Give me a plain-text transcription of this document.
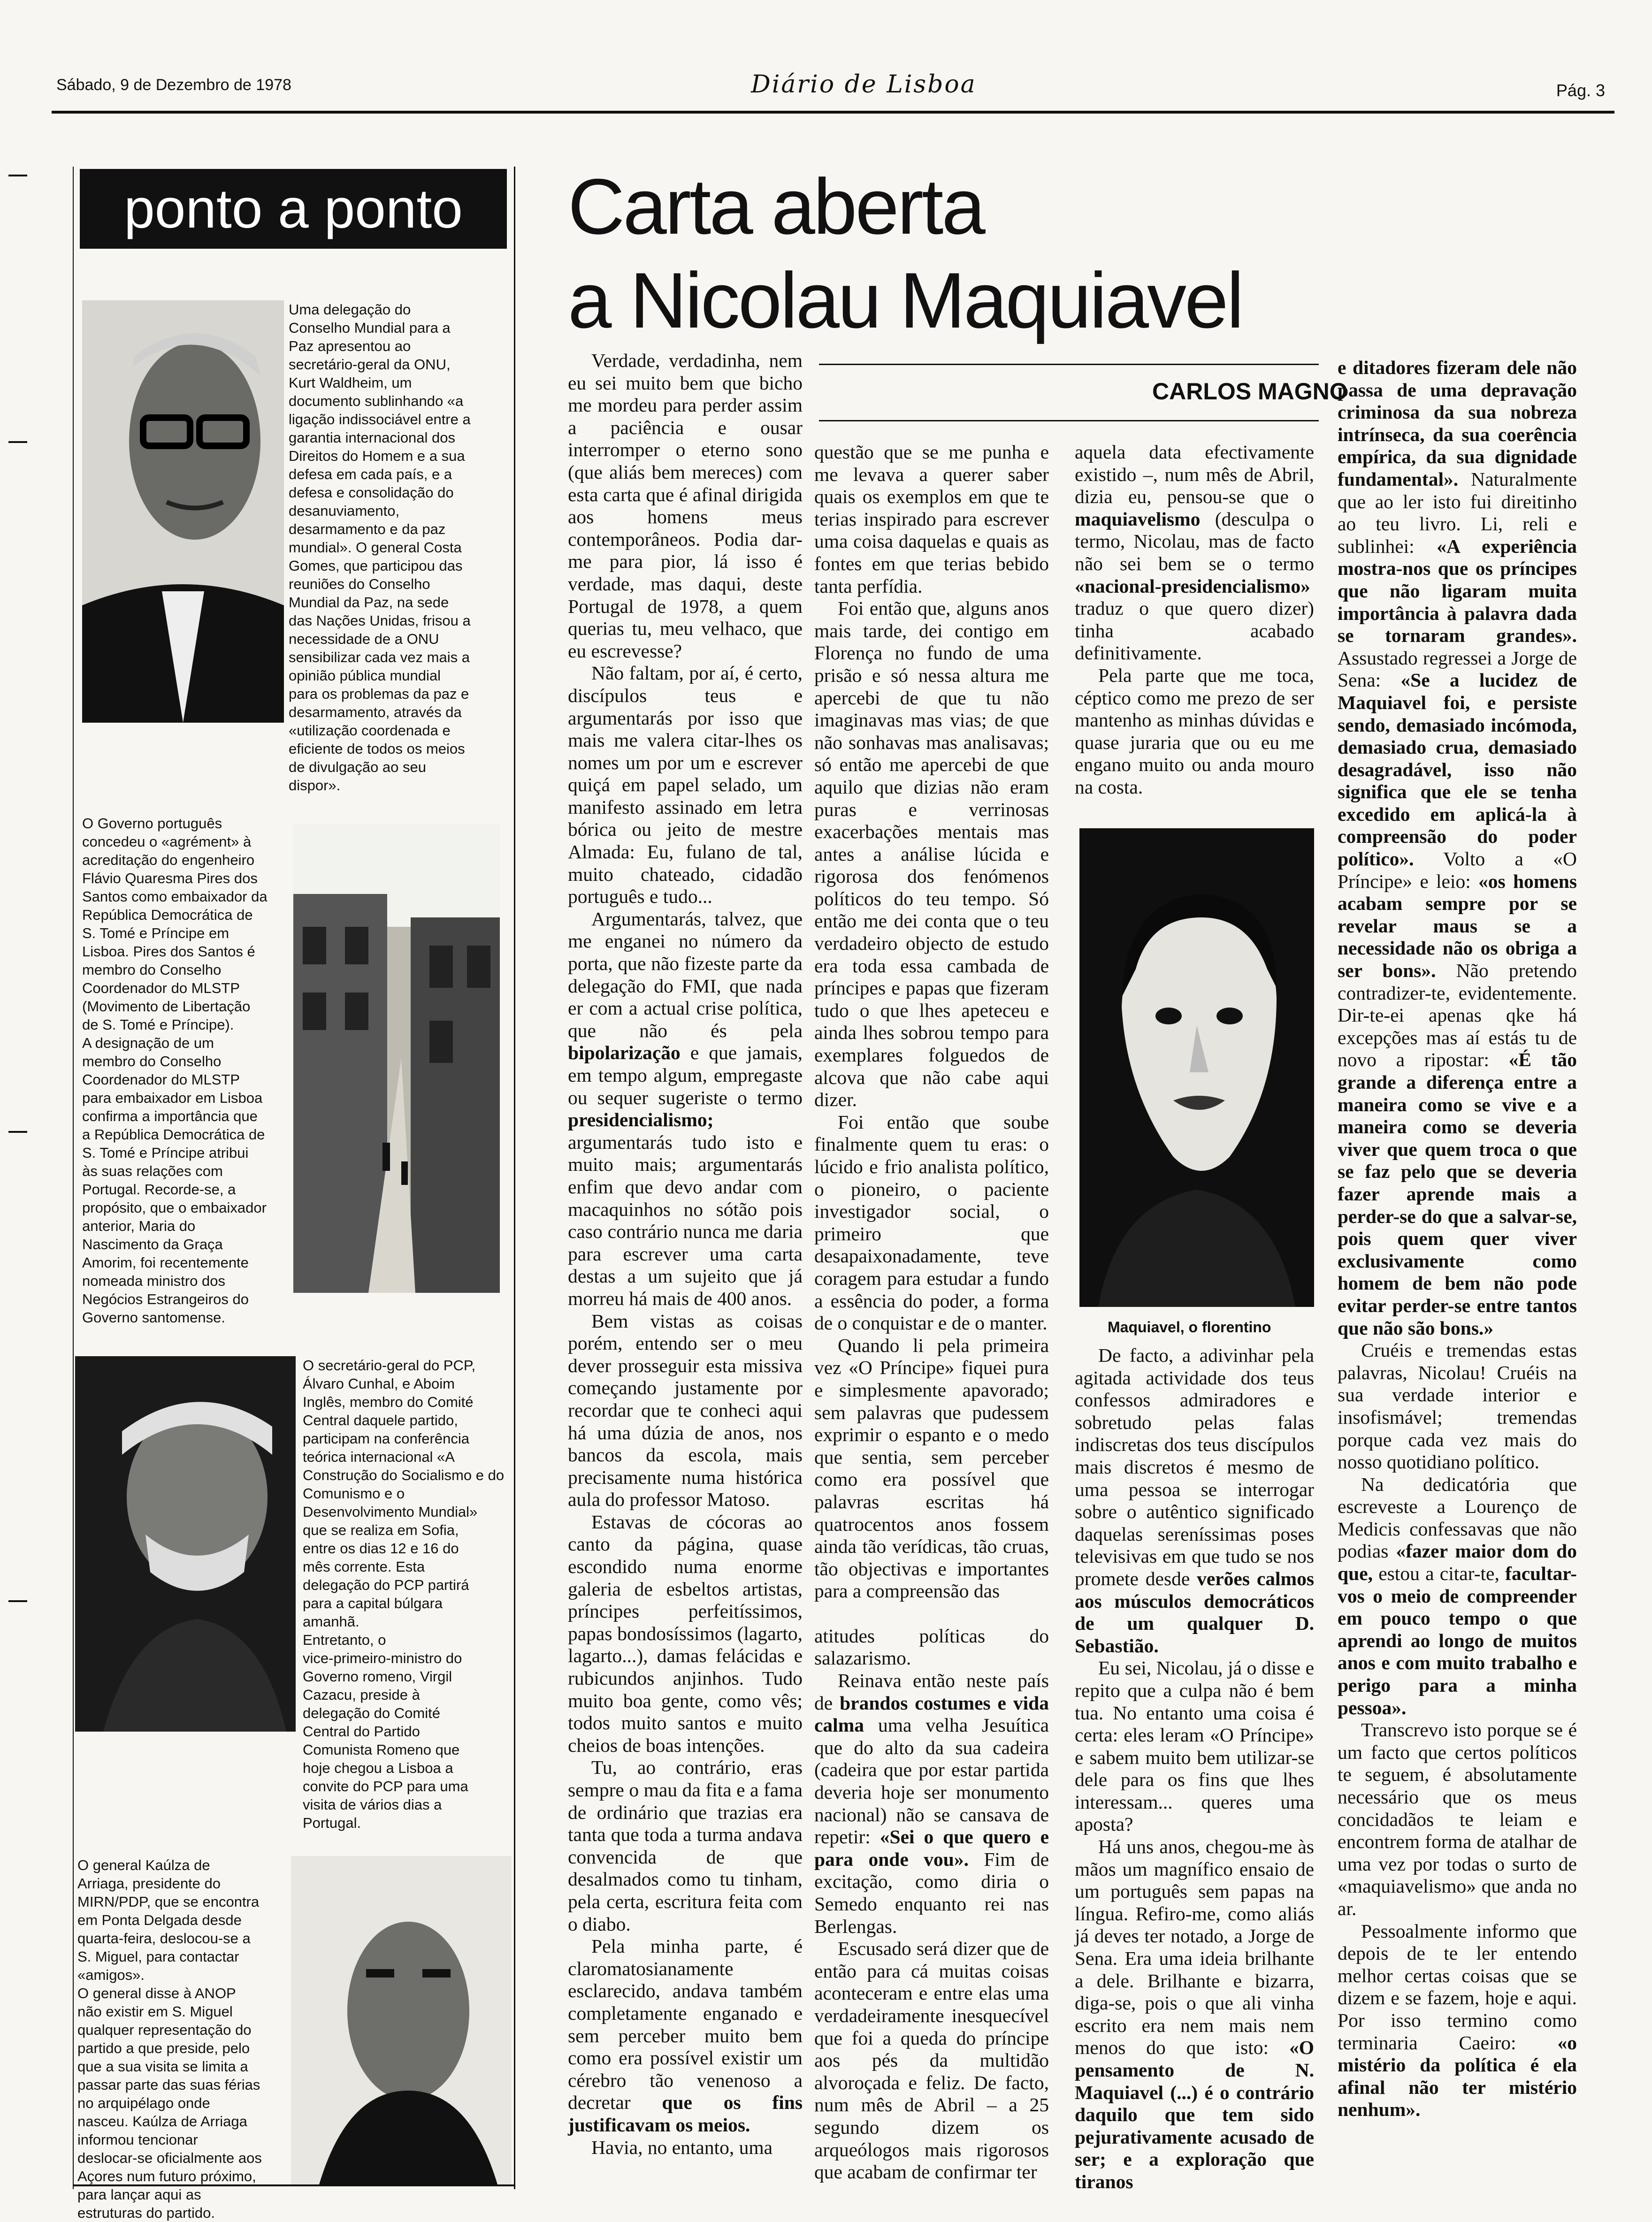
Sábado, 9 de Dezembro de 1978	Diário de Lisboa	Pág. 3
ponto a ponto

Uma delegação do
Conselho Mundial para a
Paz apresentou ao
secretário-geral da ONU,
Kurt Waldheim, um
documento sublinhando «a
ligação indissociável entre a
garantia internacional dos
Direitos do Homem e a sua
defesa em cada país, e a
defesa e consolidação do
desanuviamento,
desarmamento e da paz
mundial». O general Costa
Gomes, que participou das
reuniões do Conselho
Mundial da Paz, na sede
das Nações Unidas, frisou a
necessidade de a ONU
sensibilizar cada vez mais a
opinião pública mundial
para os problemas da paz e
desarmamento, através da
«utilização coordenada e
eficiente de todos os meios
de divulgação ao seu
dispor».

O Governo português
concedeu o «agrément» à
acreditação do engenheiro
Flávio Quaresma Pires dos
Santos como embaixador da
República Democrática de
S. Tomé e Príncipe em
Lisboa. Pires dos Santos é
membro do Conselho
Coordenador do MLSTP
(Movimento de Libertação
de S. Tomé e Príncipe).
A designação de um
membro do Conselho
Coordenador do MLSTP
para embaixador em Lisboa
confirma a importância que
a República Democrática de
S. Tomé e Príncipe atribui
às suas relações com
Portugal. Recorde-se, a
propósito, que o embaixador
anterior, Maria do
Nascimento da Graça
Amorim, foi recentemente
nomeada ministro dos
Negócios Estrangeiros do
Governo santomense.

O secretário-geral do PCP,
Álvaro Cunhal, e Aboim
Inglês, membro do Comité
Central daquele partido,
participam na conferência
teórica internacional «A
Construção do Socialismo e do
Comunismo e o
Desenvolvimento Mundial»
que se realiza em Sofia,
entre os dias 12 e 16 do
mês corrente. Esta
delegação do PCP partirá
para a capital búlgara
amanhã.
Entretanto, o
vice-primeiro-ministro do
Governo romeno, Virgil
Cazacu, preside à
delegação do Comité
Central do Partido
Comunista Romeno que
hoje chegou a Lisboa a
convite do PCP para uma
visita de vários dias a
Portugal.

O general Kaúlza de
Arriaga, presidente do
MIRN/PDP, que se encontra
em Ponta Delgada desde
quarta-feira, deslocou-se a
S. Miguel, para contactar
«amigos».
O general disse à ANOP
não existir em S. Miguel
qualquer representação do
partido a que preside, pelo
que a sua visita se limita a
passar parte das suas férias
no arquipélago onde
nasceu. Kaúlza de Arriaga
informou tencionar
deslocar-se oficialmente aos
Açores num futuro próximo,
para lançar aqui as
estruturas do partido.

Carta aberta
a Nicolau Maquiavel
CARLOS MAGNO

Verdade, verdadinha, nem eu sei muito bem que bicho me mordeu para perder assim a paciência e ousar interromper o eterno sono (que aliás bem mereces) com esta carta que é afinal dirigida aos homens meus contemporâneos. Podia dar-me para pior, lá isso é verdade, mas daqui, deste Portugal de 1978, a quem querias tu, meu velhaco, que eu escrevesse?

Não faltam, por aí, é certo, discípulos teus e argumentarás por isso que mais me valera citar-lhes os nomes um por um e escrever quiçá em papel selado, um manifesto assinado em letra bórica ou jeito de mestre Almada: Eu, fulano de tal, muito chateado, cidadão português e tudo...

Argumentarás, talvez, que me enganei no número da porta, que não fizeste parte da delegação do FMI, que nada er com a actual crise política, que não és pela bipolarização e que jamais, em tempo algum, empregaste ou sequer sugeriste o termo presidencialismo; argumentarás tudo isto e muito mais; argumentarás enfim que devo andar com macaquinhos no sótão pois caso contrário nunca me daria para escrever uma carta destas a um sujeito que já morreu há mais de 400 anos.

Bem vistas as coisas porém, entendo ser o meu dever prosseguir esta missiva começando justamente por recordar que te conheci aqui há uma dúzia de anos, nos bancos da escola, mais precisamente numa histórica aula do professor Matoso.

Estavas de cócoras ao canto da página, quase escondido numa enorme galeria de esbeltos artistas, príncipes perfeitíssimos, papas bondosíssimos (lagarto, lagarto...), damas felácidas e rubicundos anjinhos. Tudo muito boa gente, como vês; todos muito santos e muito cheios de boas intenções.

Tu, ao contrário, eras sempre o mau da fita e a fama de ordinário que trazias era tanta que toda a turma andava convencida de que desalmados como tu tinham, pela certa, escritura feita com o diabo.

Pela minha parte, é claromatosianamente esclarecido, andava também completamente enganado e sem perceber muito bem como era possível existir um cérebro tão venenoso a decretar que os fins justificavam os meios.

Havia, no entanto, uma

questão que se me punha e me levava a querer saber quais os exemplos em que te terias inspirado para escrever uma coisa daquelas e quais as fontes em que terias bebido tanta perfídia.

Foi então que, alguns anos mais tarde, dei contigo em Florença no fundo de uma prisão e só nessa altura me apercebi de que tu não imaginavas mas vias; de que não sonhavas mas analisavas; só então me apercebi de que aquilo que dizias não eram puras e verrinosas exacerbações mentais mas antes a análise lúcida e rigorosa dos fenómenos políticos do teu tempo. Só então me dei conta que o teu verdadeiro objecto de estudo era toda essa cambada de príncipes e papas que fizeram tudo o que lhes apeteceu e ainda lhes sobrou tempo para exemplares folguedos de alcova que não cabe aqui dizer.

Foi então que soube finalmente quem tu eras: o lúcido e frio analista político, o pioneiro, o paciente investigador social, o primeiro que desapaixonadamente, teve coragem para estudar a fundo a essência do poder, a forma de o conquistar e de o manter.

Quando li pela primeira vez «O Príncipe» fiquei pura e simplesmente apavorado; sem palavras que pudessem exprimir o espanto e o medo que sentia, sem perceber como era possível que palavras escritas há quatrocentos anos fossem ainda tão verídicas, tão cruas, tão objectivas e importantes para a compreensão das

atitudes políticas do salazarismo.

Reinava então neste país de brandos costumes e vida calma uma velha Jesuítica que do alto da sua cadeira (cadeira que por estar partida deveria hoje ser monumento nacional) não se cansava de repetir: «Sei o que quero e para onde vou». Fim de excitação, como diria o Semedo enquanto rei nas Berlengas.

Escusado será dizer que de então para cá muitas coisas aconteceram e entre elas uma verdadeiramente inesquecível que foi a queda do príncipe aos pés da multidão alvoroçada e feliz. De facto, num mês de Abril – a 25 segundo dizem os arqueólogos mais rigorosos que acabam de confirmar ter

aquela data efectivamente existido –, num mês de Abril, dizia eu, pensou-se que o maquiavelismo (desculpa o termo, Nicolau, mas de facto não sei bem se o termo «nacional-presidencialismo» traduz o que quero dizer) tinha acabado definitivamente.

Pela parte que me toca, céptico como me prezo de ser mantenho as minhas dúvidas e quase juraria que ou eu me engano muito ou anda mouro na costa.

Maquiavel, o florentino

De facto, a adivinhar pela agitada actividade dos teus confessos admiradores e sobretudo pelas falas indiscretas dos teus discípulos mais discretos é mesmo de uma pessoa se interrogar sobre o autêntico significado daquelas sereníssimas poses televisivas em que tudo se nos promete desde verões calmos aos músculos democráticos de um qualquer D. Sebastião.

Eu sei, Nicolau, já o disse e repito que a culpa não é bem tua. No entanto uma coisa é certa: eles leram «O Príncipe» e sabem muito bem utilizar-se dele para os fins que lhes interessam... queres uma aposta?

Há uns anos, chegou-me às mãos um magnífico ensaio de um português sem papas na língua. Refiro-me, como aliás já deves ter notado, a Jorge de Sena. Era uma ideia brilhante a dele. Brilhante e bizarra, diga-se, pois o que ali vinha escrito era nem mais nem menos do que isto: «O pensamento de N. Maquiavel (...) é o contrário daquilo que tem sido pejurativamente acusado de ser; e a exploração que tiranos

e ditadores fizeram dele não passa de uma depravação criminosa da sua nobreza intrínseca, da sua coerência empírica, da sua dignidade fundamental». Naturalmente que ao ler isto fui direitinho ao teu livro. Li, reli e sublinhei: «A experiência mostra-nos que os príncipes que não ligaram muita importância à palavra dada se tornaram grandes». Assustado regressei a Jorge de Sena: «Se a lucidez de Maquiavel foi, e persiste sendo, demasiado incómoda, demasiado crua, demasiado desagradável, isso não significa que ele se tenha excedido em aplicá-la à compreensão do poder político». Volto a «O Príncipe» e leio: «os homens acabam sempre por se revelar maus se a necessidade não os obriga a ser bons». Não pretendo contradizer-te, evidentemente. Dir-te-ei apenas qke há excepções mas aí estás tu de novo a ripostar: «É tão grande a diferença entre a maneira como se vive e a maneira como se deveria viver que quem troca o que se faz pelo que se deveria fazer aprende mais a perder-se do que a salvar-se, pois quem quer viver exclusivamente como homem de bem não pode evitar perder-se entre tantos que não são bons.»

Cruéis e tremendas estas palavras, Nicolau! Cruéis na sua verdade interior e insofismável; tremendas porque cada vez mais do nosso quotidiano político.

Na dedicatória que escreveste a Lourenço de Medicis confessavas que não podias «fazer maior dom do que, estou a citar-te, facultar-vos o meio de compreender em pouco tempo o que aprendi ao longo de muitos anos e com muito trabalho e perigo para a minha pessoa».

Transcrevo isto porque se é um facto que certos políticos te seguem, é absolutamente necessário que os meus concidadãos te leiam e encontrem forma de atalhar de uma vez por todas o surto de «maquiavelismo» que anda no ar.

Pessoalmente informo que depois de te ler entendo melhor certas coisas que se dizem e se fazem, hoje e aqui. Por isso termino como terminaria Caeiro: «o mistério da política é ela afinal não ter mistério nenhum».
